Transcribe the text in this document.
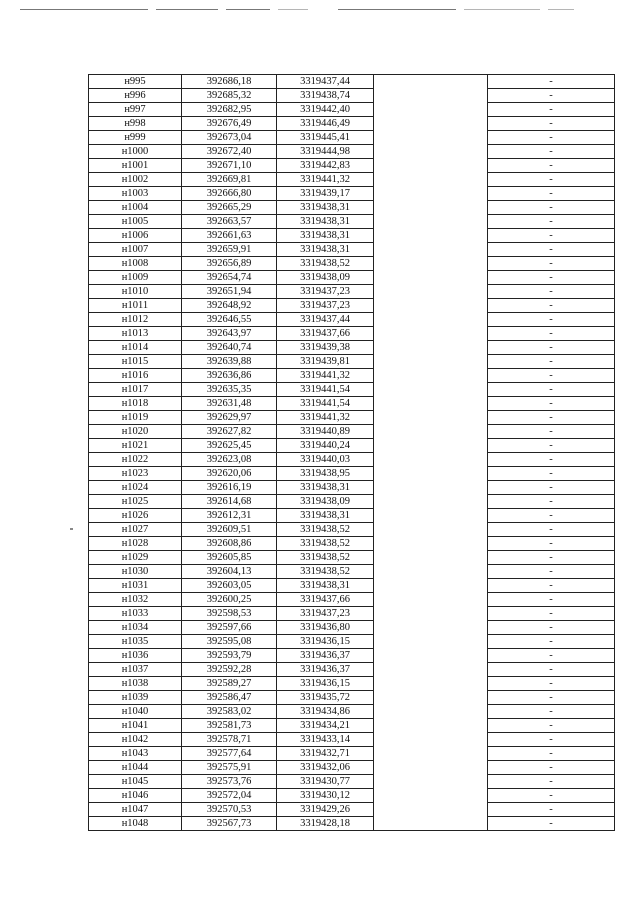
н995	392686,18	3319437,44		-
н996	392685,32	3319438,74		-
н997	392682,95	3319442,40		-
н998	392676,49	3319446,49		-
н999	392673,04	3319445,41		-
н1000	392672,40	3319444,98		-
н1001	392671,10	3319442,83		-
н1002	392669,81	3319441,32		-
н1003	392666,80	3319439,17		-
н1004	392665,29	3319438,31		-
н1005	392663,57	3319438,31		-
н1006	392661,63	3319438,31		-
н1007	392659,91	3319438,31		-
н1008	392656,89	3319438,52		-
н1009	392654,74	3319438,09		-
н1010	392651,94	3319437,23		-
н1011	392648,92	3319437,23		-
н1012	392646,55	3319437,44		-
н1013	392643,97	3319437,66		-
н1014	392640,74	3319439,38		-
н1015	392639,88	3319439,81		-
н1016	392636,86	3319441,32		-
н1017	392635,35	3319441,54		-
н1018	392631,48	3319441,54		-
н1019	392629,97	3319441,32		-
н1020	392627,82	3319440,89		-
н1021	392625,45	3319440,24		-
н1022	392623,08	3319440,03		-
н1023	392620,06	3319438,95		-
н1024	392616,19	3319438,31		-
н1025	392614,68	3319438,09		-
н1026	392612,31	3319438,31		-
н1027	392609,51	3319438,52		-
н1028	392608,86	3319438,52		-
н1029	392605,85	3319438,52		-
н1030	392604,13	3319438,52		-
н1031	392603,05	3319438,31		-
н1032	392600,25	3319437,66		-
н1033	392598,53	3319437,23		-
н1034	392597,66	3319436,80		-
н1035	392595,08	3319436,15		-
н1036	392593,79	3319436,37		-
н1037	392592,28	3319436,37		-
н1038	392589,27	3319436,15		-
н1039	392586,47	3319435,72		-
н1040	392583,02	3319434,86		-
н1041	392581,73	3319434,21		-
н1042	392578,71	3319433,14		-
н1043	392577,64	3319432,71		-
н1044	392575,91	3319432,06		-
н1045	392573,76	3319430,77		-
н1046	392572,04	3319430,12		-
н1047	392570,53	3319429,26		-
н1048	392567,73	3319428,18		-
